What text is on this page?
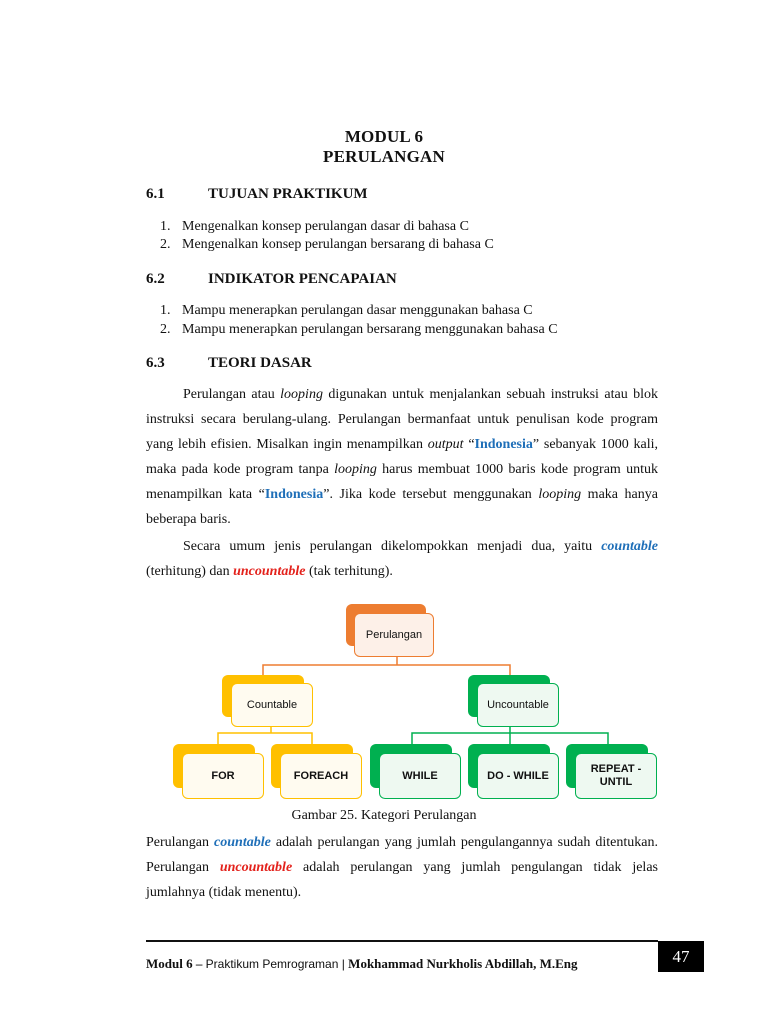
MODUL 6
PERULANGAN
6.1	TUJUAN PRAKTIKUM
1. Mengenalkan konsep perulangan dasar di bahasa C
2. Mengenalkan konsep perulangan bersarang di bahasa C
6.2	INDIKATOR PENCAPAIAN
1. Mampu menerapkan perulangan dasar menggunakan bahasa C
2. Mampu menerapkan perulangan bersarang menggunakan bahasa C
6.3	TEORI DASAR

Perulangan atau looping digunakan untuk menjalankan sebuah instruksi atau blok instruksi secara berulang-ulang. Perulangan bermanfaat untuk penulisan kode program yang lebih efisien. Misalkan ingin menampilkan output “Indonesia” sebanyak 1000 kali, maka pada kode program tanpa looping harus membuat 1000 baris kode program untuk menampilkan kata “Indonesia”. Jika kode tersebut menggunakan looping maka hanya beberapa baris.

Secara umum jenis perulangan dikelompokkan menjadi dua, yaitu countable (terhitung) dan uncountable (tak terhitung).

Perulangan
Countable	Uncountable
FOR	FOREACH	WHILE	DO - WHILE
REPEAT -
UNTIL
Gambar 25. Kategori Perulangan

Perulangan countable adalah perulangan yang jumlah pengulangannya sudah ditentukan. Perulangan uncountable adalah perulangan yang jumlah pengulangan tidak jelas jumlahnya (tidak menentu).

Modul 6 – Praktikum Pemrograman | Mokhammad Nurkholis Abdillah, M.Eng	47
